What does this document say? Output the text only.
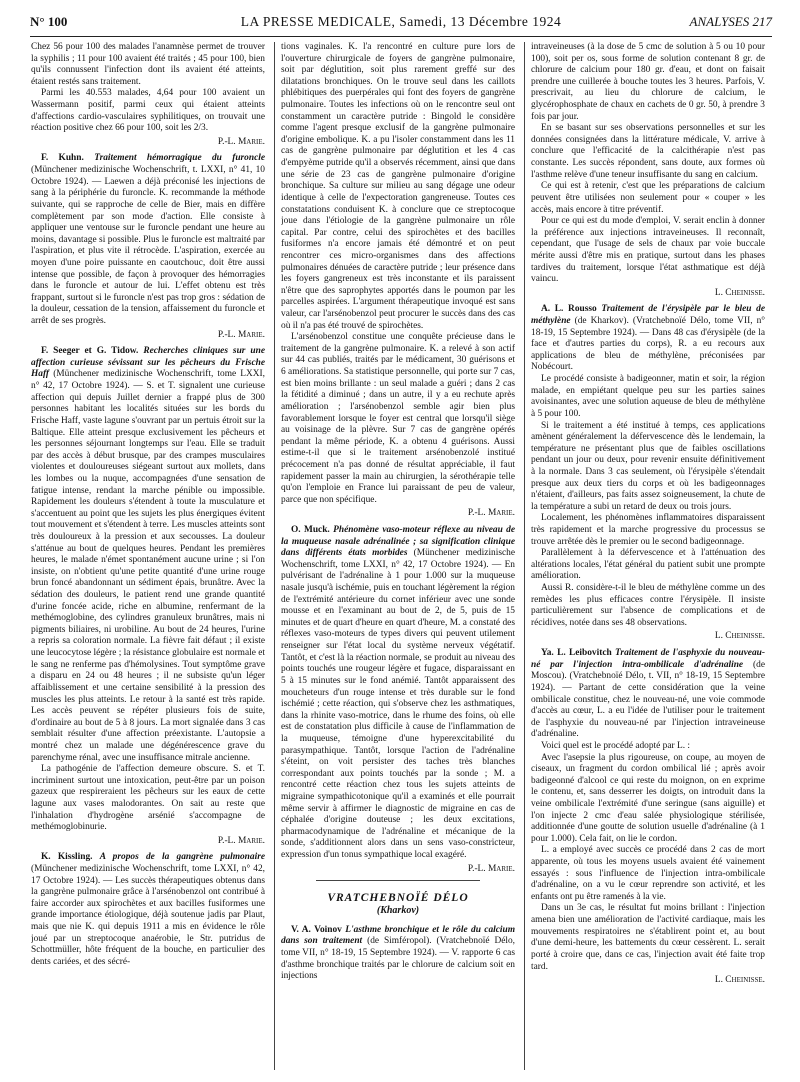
N° 100	LA PRESSE MEDICALE, Samedi, 13 Décembre 1924	ANALYSES 217

Chez 56 pour 100 des malades l'anamnèse permet de trouver la syphilis ; 11 pour 100 avaient été traités ; 45 pour 100, bien qu'ils connussent l'infection dont ils avaient été atteints, étaient restés sans traitement.

Parmi les 40.553 malades, 4,64 pour 100 avaient un Wassermann positif, parmi ceux qui étaient atteints d'affections cardio-vasculaires syphilitiques, on trouvait une réaction positive chez 66 pour 100, soit les 2/3.

P.-L. Marie.

F. Kuhn. Traitement hémorragique du furoncle (Münchener medizinische Wochenschrift, t. LXXI, n° 41, 10 Octobre 1924). — Laewen a déjà préconisé les injections de sang à la périphérie du furoncle. K. recommande la méthode suivante, qui se rapproche de celle de Bier, mais en diffère complètement par son mode d'action. Elle consiste à appliquer une ventouse sur le furoncle pendant une heure au moins, davantage si possible. Plus le furoncle est maltraité par l'aspiration, et plus vite il rétrocède. L'aspiration, exercée au moyen d'une poire puissante en caoutchouc, doit être aussi intense que possible, de façon à provoquer des hémorragies dans le furoncle et autour de lui. L'effet obtenu est très frappant, surtout si le furoncle n'est pas trop gros : sédation de la douleur, cessation de la tension, affaissement du furoncle et arrêt de ses progrès.

P.-L. Marie.

F. Seeger et G. Tidow. Recherches cliniques sur une affection curieuse sévissant sur les pêcheurs du Frische Haff (Münchener medizinische Wochenschrift, tome LXXI, n° 42, 17 Octobre 1924). — S. et T. signalent une curieuse affection qui depuis Juillet dernier a frappé plus de 300 personnes habitant les localités situées sur les bords du Frische Haff, vaste lagune s'ouvrant par un pertuis étroit sur la Baltique. Elle atteint presque exclusivement les pêcheurs et les personnes séjournant longtemps sur l'eau. Elle se traduit par des accès à début brusque, par des crampes musculaires violentes et douloureuses siégeant surtout aux mollets, dans les lombes ou la nuque, accompagnées d'une sensation de fatigue intense, rendant la marche pénible ou impossible. Rapidement les douleurs s'étendent à toute la musculature et s'accentuent au point que les sujets les plus énergiques évitent tout mouvement et s'étendent à terre. Les muscles atteints sont très douloureux à la pression et aux secousses. La douleur s'atténue au bout de quelques heures. Pendant les premières heures, le malade n'émet spontanément aucune urine ; si l'on insiste, on n'obtient qu'une petite quantité d'une urine rouge brun foncé abandonnant un sédiment épais, brunâtre. Avec la sédation des douleurs, le patient rend une grande quantité d'urine foncée acide, riche en albumine, renfermant de la methémoglobine, des cylindres granuleux brunâtres, mais ni pigments biliaires, ni urobiline. Au bout de 24 heures, l'urine a repris sa coloration normale. La fièvre fait défaut ; il existe une leucocytose légère ; la résistance globulaire est normale et le sang ne renferme pas d'hémolysines. Tout symptôme grave a disparu en 24 ou 48 heures ; il ne subsiste qu'un léger affaiblissement et une certaine sensibilité à la pression des muscles les plus atteints. Le retour à la santé est très rapide. Les accès peuvent se répéter plusieurs fois de suite, d'ordinaire au bout de 5 à 8 jours. La mort signalée dans 3 cas semblait résulter d'une affection préexistante. L'autopsie a montré chez un malade une dégénérescence grave du parenchyme rénal, avec une insuffisance mitrale ancienne.

La pathogénie de l'affection demeure obscure. S. et T. incriminent surtout une intoxication, peut-être par un poison gazeux que respireraient les pêcheurs sur les eaux de cette lagune aux vases malodorantes. On sait au reste que l'inhalation d'hydrogène arsénié s'accompagne de methémoglobinurie.

P.-L. Marie.

K. Kissling. A propos de la gangrène pulmonaire (Münchener medizinische Wochenschrift, tome LXXI, n° 42, 17 Octobre 1924). — Les succès thérapeutiques obtenus dans la gangrène pulmonaire grâce à l'arsénobenzol ont contribué à faire accorder aux spirochètes et aux bacilles fusiformes une grande importance étiologique, déjà soutenue jadis par Plaut, mais que nie K. qui depuis 1911 a mis en évidence le rôle joué par un streptocoque anaérobie, le Str. putridus de Schottmüller, hôte fréquent de la bouche, en particulier des dents cariées, et des sécré-

tions vaginales. K. l'a rencontré en culture pure lors de l'ouverture chirurgicale de foyers de gangrène pulmonaire, soit par déglutition, soit plus rarement greffé sur des dilatations bronchiques. On le trouve seul dans les caillots phlébitiques des puerpérales qui font des foyers de gangrène pulmonaire. Toutes les infections où on le rencontre seul ont constamment un caractère putride : Bingold le considère comme l'agent presque exclusif de la gangrène pulmonaire d'origine embolique. K. a pu l'isoler constamment dans les 11 cas de gangrène pulmonaire par déglutition et les 4 cas d'empyème putride qu'il a observés récemment, ainsi que dans une série de 23 cas de gangrène pulmonaire d'origine bronchique. Sa culture sur milieu au sang dégage une odeur identique à celle de l'expectoration gangreneuse. Toutes ces constatations conduisent K. à conclure que ce streptocoque joue dans l'étiologie de la gangrène pulmonaire un rôle capital. Par contre, celui des spirochètes et des bacilles fusiformes n'a encore jamais été démontré et on peut rencontrer ces micro-organismes dans des affections pulmonaires dénuées de caractère putride ; leur présence dans les foyers gangreneux est très inconstante et ils paraissent n'être que des saprophytes apportés dans le poumon par les parcelles aspirées. L'argument thérapeutique invoqué est sans valeur, car l'arsénobenzol peut procurer le succès dans des cas où il n'a pas été trouvé de spirochètes.

L'arsénobenzol constitue une conquête précieuse dans le traitement de la gangrène pulmonaire. K. a relevé à son actif sur 44 cas publiés, traités par le médicament, 30 guérisons et 6 améliorations. Sa statistique personnelle, qui porte sur 7 cas, est bien moins brillante : un seul malade a guéri ; dans 2 cas la fétidité a diminué ; dans un autre, il y a eu rechute après amélioration ; l'arsénobenzol semble agir bien plus favorablement lorsque le foyer est central que lorsqu'il siège au voisinage de la plèvre. Sur 7 cas de gangrène opérés pendant la même période, K. a obtenu 4 guérisons. Aussi estime-t-il que si le traitement arsénobenzolé institué précocement n'a pas donné de résultat appréciable, il faut rapidement passer la main au chirurgien, la sérothérapie telle qu'on l'emploie en France lui paraissant de peu de valeur, parce que non spécifique.

P.-L. Marie.

O. Muck. Phénomène vaso-moteur réflexe au niveau de la muqueuse nasale adrénalinée ; sa signification clinique dans différents états morbides (Münchener medizinische Wochenschrift, tome LXXI, n° 42, 17 Octobre 1924). — En pulvérisant de l'adrénaline à 1 pour 1.000 sur la muqueuse nasale jusqu'à ischémie, puis en touchant légèrement la région de l'extrémité antérieure du cornet inférieur avec une sonde mousse et en l'examinant au bout de 2, de 5, puis de 15 minutes et de quart d'heure en quart d'heure, M. a constaté des réflexes vaso-moteurs de types divers qui peuvent utilement renseigner sur l'état local du système nerveux végétatif. Tantôt, et c'est là la réaction normale, se produit au niveau des points touchés une rougeur légère et fugace, disparaissant en 5 à 15 minutes sur le fond anémié. Tantôt apparaissent des moucheteurs d'un rouge intense et très durable sur le fond ischémié ; cette réaction, qui s'observe chez les asthmatiques, dans la rhinite vaso-motrice, dans le rhume des foins, où elle est de constatation plus difficile à cause de l'inflammation de la muqueuse, témoigne d'une hyperexcitabilité du parasympathique. Tantôt, lorsque l'action de l'adrénaline s'éteint, on voit persister des taches très blanches correspondant aux points touchés par la sonde ; M. a rencontré cette réaction chez tous les sujets atteints de migraine sympathicotonique qu'il a examinés et elle pourrait même servir à affirmer le diagnostic de migraine en cas de céphalée d'origine douteuse ; les deux excitations, pharmacodynamique de l'adrénaline et mécanique de la sonde, s'additionnent alors dans un sens vaso-constricteur, expression d'un tonus sympathique local exagéré.

P.-L. Marie.

VRATCHEBNOÏÉ DÉLO
(Kharkov)

V. A. Voinov L'asthme bronchique et le rôle du calcium dans son traitement (de Simféropol). (Vratchebnoïé Délo, tome VII, n° 18-19, 15 Septembre 1924). — V. rapporte 6 cas d'asthme bronchique traités par le chlorure de calcium soit en injections

intraveineuses (à la dose de 5 cmc de solution à 5 ou 10 pour 100), soit per os, sous forme de solution contenant 8 gr. de chlorure de calcium pour 180 gr. d'eau, et dont on faisait prendre une cuillerée à bouche toutes les 3 heures. Parfois, V. prescrivait, au lieu du chlorure de calcium, le glycérophosphate de chaux en cachets de 0 gr. 50, à prendre 3 fois par jour.

En se basant sur ses observations personnelles et sur les données consignées dans la littérature médicale, V. arrive à conclure que l'efficacité de la calcithérapie n'est pas constante. Les succès répondent, sans doute, aux formes où l'asthme relève d'une teneur insuffisante du sang en calcium.

Ce qui est à retenir, c'est que les préparations de calcium peuvent être utilisées non seulement pour « couper » les accès, mais encore à titre préventif.

Pour ce qui est du mode d'emploi, V. serait enclin à donner la préférence aux injections intraveineuses. Il reconnaît, cependant, que l'usage de sels de chaux par voie buccale mérite aussi d'être mis en pratique, surtout dans les phases tardives du traitement, lorsque l'état asthmatique est déjà vaincu.

L. Cheinisse.

A. L. Rousso Traitement de l'érysipèle par le bleu de méthylène (de Kharkov). (Vratchebnoïé Délo, tome VII, n° 18-19, 15 Septembre 1924). — Dans 48 cas d'érysipèle (de la face et d'autres parties du corps), R. a eu recours aux applications de bleu de méthylène, préconisées par Nobécourt.

Le procédé consiste à badigeonner, matin et soir, la région malade, en empiétant quelque peu sur les parties saines avoisinantes, avec une solution aqueuse de bleu de méthylène à 5 pour 100.

Si le traitement a été institué à temps, ces applications amènent généralement la défervescence dès le lendemain, la température ne présentant plus que de faibles oscillations pendant un jour ou deux, pour revenir ensuite définitivement à la normale. Dans 3 cas seulement, où l'érysipèle s'étendait presque aux deux tiers du corps et où les badigeonnages n'étaient, d'ailleurs, pas faits assez soigneusement, la chute de la température a subi un retard de deux ou trois jours.

Localement, les phénomènes inflammatoires disparaissent très rapidement et la marche progressive du processus se trouve arrêtée dès le premier ou le second badigeonnage.

Parallèlement à la défervescence et à l'atténuation des altérations locales, l'état général du patient subit une prompte amélioration.

Aussi R. considère-t-il le bleu de méthylène comme un des remèdes les plus efficaces contre l'érysipèle. Il insiste particulièrement sur l'absence de complications et de récidives, notée dans ses 48 observations.

L. Cheinisse.

Ya. L. Leibovitch Traitement de l'asphyxie du nouveau-né par l'injection intra-ombilicale d'adrénaline (de Moscou). (Vratchebnoïé Délo, t. VII, n° 18-19, 15 Septembre 1924). — Partant de cette considération que la veine ombilicale constitue, chez le nouveau-né, une voie commode d'accès au cœur, L. a eu l'idée de l'utiliser pour le traitement de l'asphyxie du nouveau-né par l'injection intraveineuse d'adrénaline.

Voici quel est le procédé adopté par L. :

Avec l'asepsie la plus rigoureuse, on coupe, au moyen de ciseaux, un fragment du cordon ombilical lié ; après avoir badigeonné d'alcool ce qui reste du moignon, on en exprime le contenu, et, sans desserrer les doigts, on introduit dans la veine ombilicale l'extrémité d'une seringue (sans aiguille) et l'on injecte 2 cmc d'eau salée physiologique stérilisée, additionnée d'une goutte de solution usuelle d'adrénaline (à 1 pour 1.000). Cela fait, on lie le cordon.

L. a employé avec succès ce procédé dans 2 cas de mort apparente, où tous les moyens usuels avaient été vainement essayés : sous l'influence de l'injection intra-ombilicale d'adrénaline, on a vu le cœur reprendre son activité, et les enfants ont pu être ramenés à la vie.

Dans un 3e cas, le résultat fut moins brillant : l'injection amena bien une amélioration de l'activité cardiaque, mais les mouvements respiratoires ne s'établirent point et, au bout d'une demi-heure, les battements du cœur cessèrent. L. serait porté à croire que, dans ce cas, l'injection avait été faite trop tard.

L. Cheinisse.
